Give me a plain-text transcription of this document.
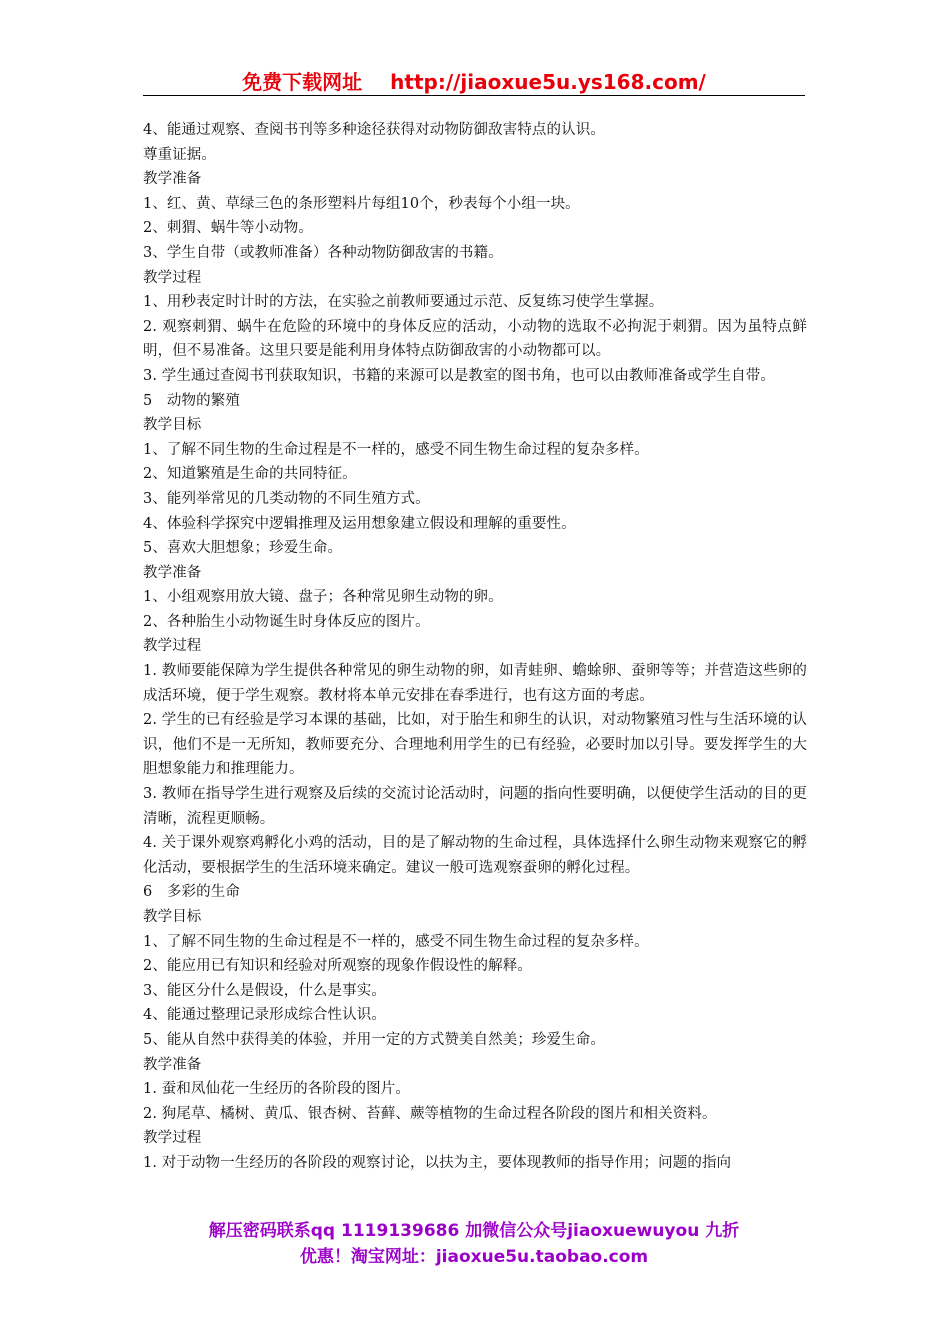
免费下载网址 http://jiaoxue5u.ys168.com/

4、能通过观察、查阅书刊等多种途径获得对动物防御敌害特点的认识。

尊重证据。

教学准备

1、红、黄、草绿三色的条形塑料片每组10个，秒表每个小组一块。

2、刺猬、蜗牛等小动物。

3、学生自带（或教师准备）各种动物防御敌害的书籍。

教学过程

1、用秒表定时计时的方法，在实验之前教师要通过示范、反复练习使学生掌握。

2. 观察刺猬、蜗牛在危险的环境中的身体反应的活动，小动物的选取不必拘泥于刺猬。因为虽特点鲜明，但不易准备。这里只要是能利用身体特点防御敌害的小动物都可以。

3. 学生通过查阅书刊获取知识，书籍的来源可以是教室的图书角，也可以由教师准备或学生自带。

5　动物的繁殖

教学目标

1、了解不同生物的生命过程是不一样的，感受不同生物生命过程的复杂多样。

2、知道繁殖是生命的共同特征。

3、能列举常见的几类动物的不同生殖方式。

4、体验科学探究中逻辑推理及运用想象建立假设和理解的重要性。

5、喜欢大胆想象；珍爱生命。

教学准备

1、小组观察用放大镜、盘子；各种常见卵生动物的卵。

2、各种胎生小动物诞生时身体反应的图片。

教学过程

1. 教师要能保障为学生提供各种常见的卵生动物的卵，如青蛙卵、蟾蜍卵、蚕卵等等；并营造这些卵的成活环境，便于学生观察。教材将本单元安排在春季进行，也有这方面的考虑。

2. 学生的已有经验是学习本课的基础，比如，对于胎生和卵生的认识，对动物繁殖习性与生活环境的认识，他们不是一无所知，教师要充分、合理地利用学生的已有经验，必要时加以引导。要发挥学生的大胆想象能力和推理能力。

3. 教师在指导学生进行观察及后续的交流讨论活动时，问题的指向性要明确，以便使学生活动的目的更清晰，流程更顺畅。

4. 关于课外观察鸡孵化小鸡的活动，目的是了解动物的生命过程，具体选择什么卵生动物来观察它的孵化活动，要根据学生的生活环境来确定。建议一般可选观察蚕卵的孵化过程。

6　多彩的生命

教学目标

1、了解不同生物的生命过程是不一样的，感受不同生物生命过程的复杂多样。

2、能应用已有知识和经验对所观察的现象作假设性的解释。

3、能区分什么是假设，什么是事实。

4、能通过整理记录形成综合性认识。

5、能从自然中获得美的体验，并用一定的方式赞美自然美；珍爱生命。

教学准备

1. 蚕和凤仙花一生经历的各阶段的图片。

2. 狗尾草、橘树、黄瓜、银杏树、苔藓、蕨等植物的生命过程各阶段的图片和相关资料。

教学过程

1. 对于动物一生经历的各阶段的观察讨论，以扶为主，要体现教师的指导作用；问题的指向

解压密码联系qq 1119139686 加微信公众号jiaoxuewuyou 九折
优惠！淘宝网址：jiaoxue5u.taobao.com
